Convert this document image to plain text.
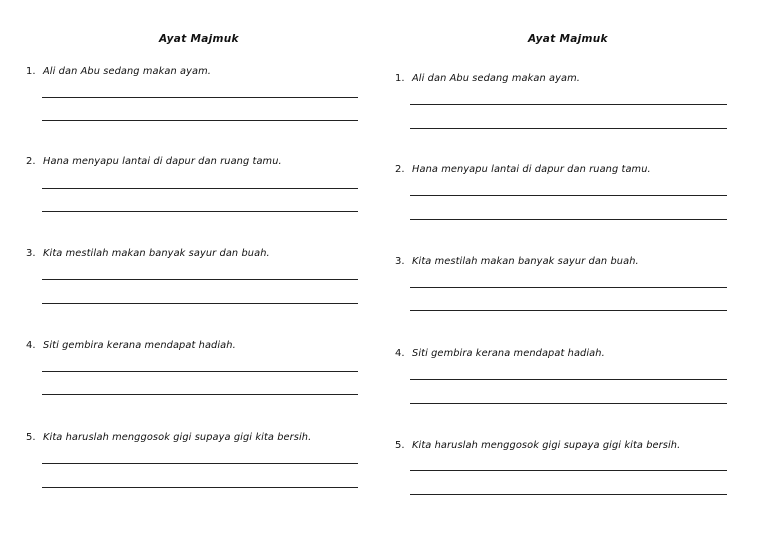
Ayat Majmuk
1. Ali dan Abu sedang makan ayam.
2. Hana menyapu lantai di dapur dan ruang tamu.
3. Kita mestilah makan banyak sayur dan buah.
4. Siti gembira kerana mendapat hadiah.
5. Kita haruslah menggosok gigi supaya gigi kita bersih.
Ayat Majmuk
1. Ali dan Abu sedang makan ayam.
2. Hana menyapu lantai di dapur dan ruang tamu.
3. Kita mestilah makan banyak sayur dan buah.
4. Siti gembira kerana mendapat hadiah.
5. Kita haruslah menggosok gigi supaya gigi kita bersih.
